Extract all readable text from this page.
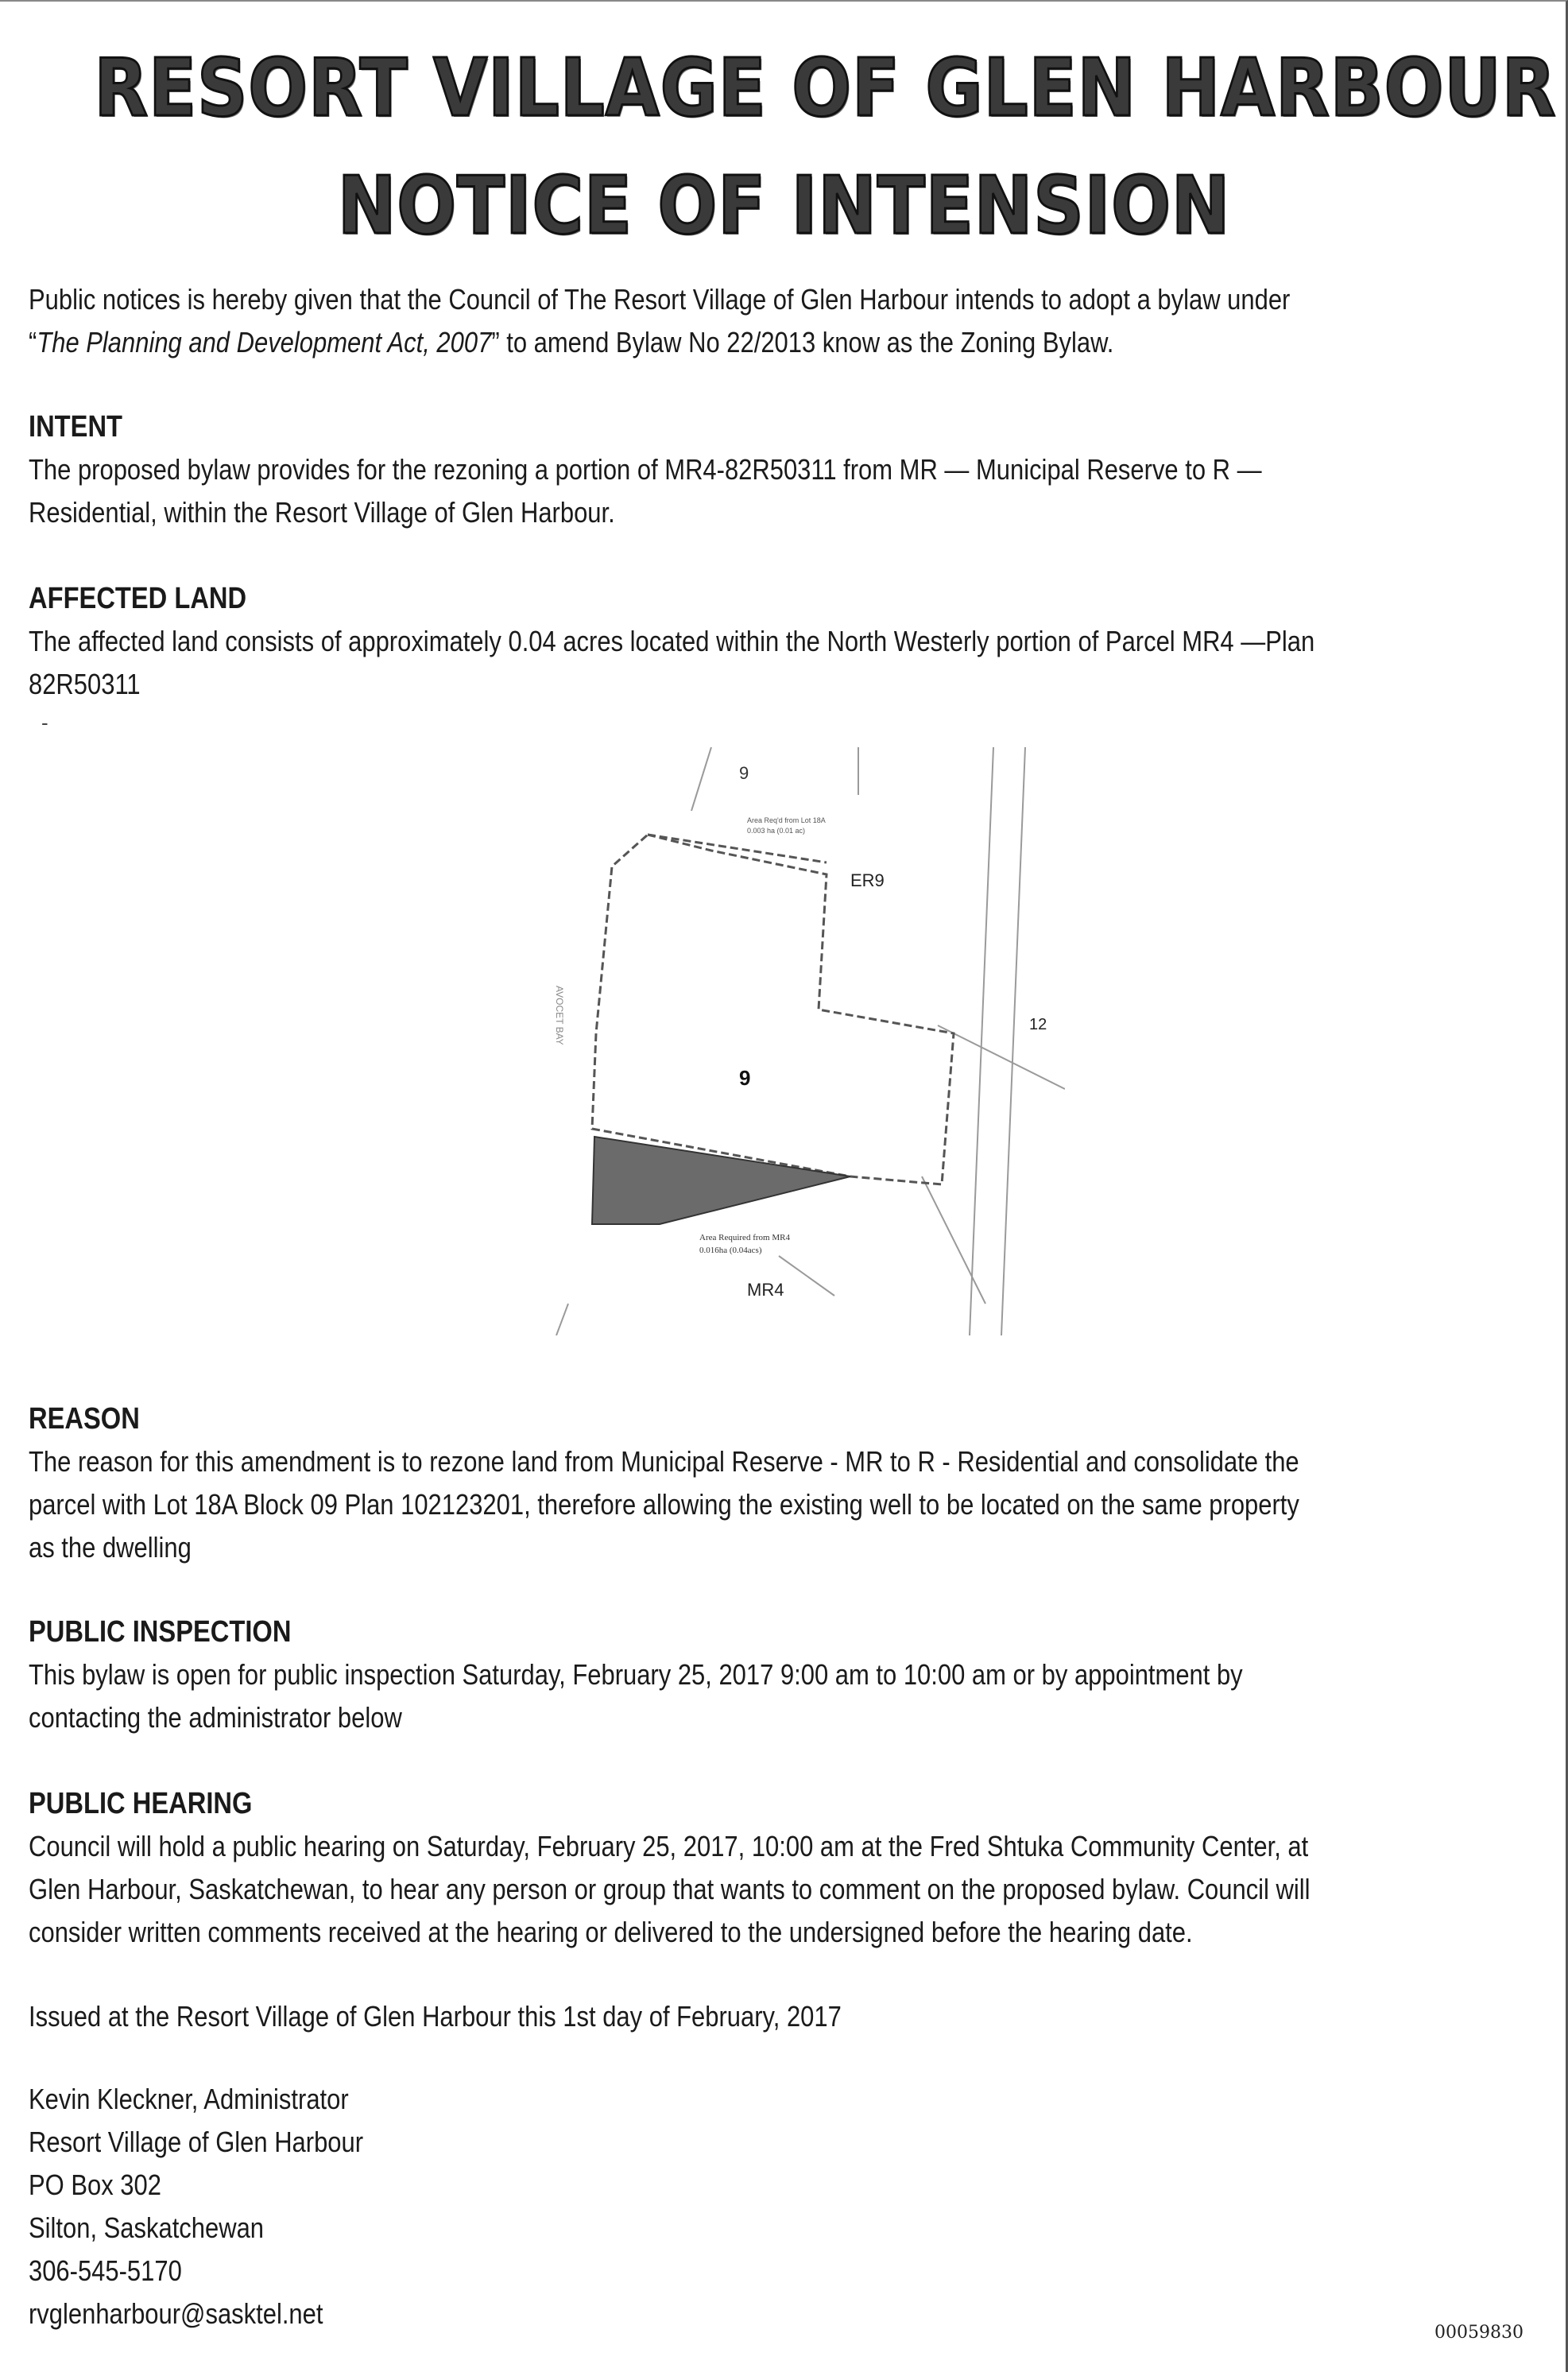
RESORT VILLAGE OF GLEN HARBOUR
NOTICE OF INTENSION

Public notices is hereby given that the Council of The Resort Village of Glen Harbour intends to adopt a bylaw under “The Planning and Development Act, 2007” to amend Bylaw No 22/2013 know as the Zoning Bylaw.

INTENT

The proposed bylaw provides for the rezoning a portion of MR4-82R50311 from MR — Municipal Reserve to R —Residential, within the Resort Village of Glen Harbour.

AFFECTED LAND

The affected land consists of approximately 0.04 acres located within the North Westerly portion of Parcel MR4 —Plan 82R50311

-
9
Area Req'd from Lot 18A
0.003 ha (0.01 ac)
ER9
9
12
MR4
Area Required from MR4
0.016ha (0.04acs)
AVOCET BAY

REASON

The reason for this amendment is to rezone land from Municipal Reserve - MR to R - Residential and consolidate the parcel with Lot 18A Block 09 Plan 102123201, therefore allowing the existing well to be located on the same property as the dwelling

PUBLIC INSPECTION

This bylaw is open for public inspection Saturday, February 25, 2017 9:00 am to 10:00 am or by appointment by contacting the administrator below

PUBLIC HEARING

Council will hold a public hearing on Saturday, February 25, 2017, 10:00 am at the Fred Shtuka Community Center, at Glen Harbour, Saskatchewan, to hear any person or group that wants to comment on the proposed bylaw. Council will consider written comments received at the hearing or delivered to the undersigned before the hearing date.

Issued at the Resort Village of Glen Harbour this 1st day of February, 2017

Kevin Kleckner, Administrator
Resort Village of Glen Harbour
PO Box 302
Silton, Saskatchewan
306-545-5170
rvglenharbour@sasktel.net
00059830
